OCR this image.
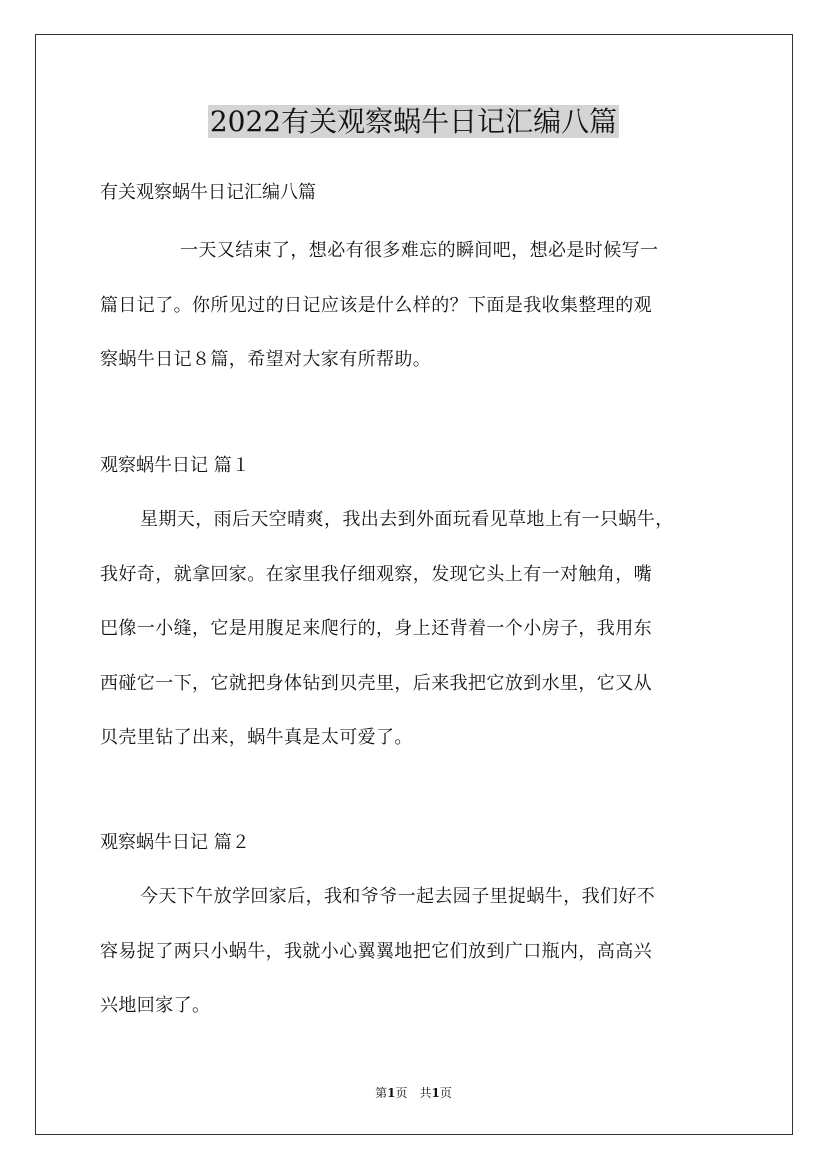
2022有关观察蜗牛日记汇编八篇

有关观察蜗牛日记汇编八篇

一天又结束了，想必有很多难忘的瞬间吧，想必是时候写一

篇日记了。你所见过的日记应该是什么样的？下面是我收集整理的观

察蜗牛日记８篇，希望对大家有所帮助。

观察蜗牛日记 篇１

星期天，雨后天空晴爽，我出去到外面玩看见草地上有一只蜗牛，

我好奇，就拿回家。在家里我仔细观察，发现它头上有一对触角，嘴

巴像一小缝，它是用腹足来爬行的，身上还背着一个小房子，我用东

西碰它一下，它就把身体钻到贝壳里，后来我把它放到水里，它又从

贝壳里钻了出来，蜗牛真是太可爱了。

观察蜗牛日记 篇２

今天下午放学回家后，我和爷爷一起去园子里捉蜗牛，我们好不

容易捉了两只小蜗牛，我就小心翼翼地把它们放到广口瓶内，高高兴

兴地回家了。

第1页　共1页
